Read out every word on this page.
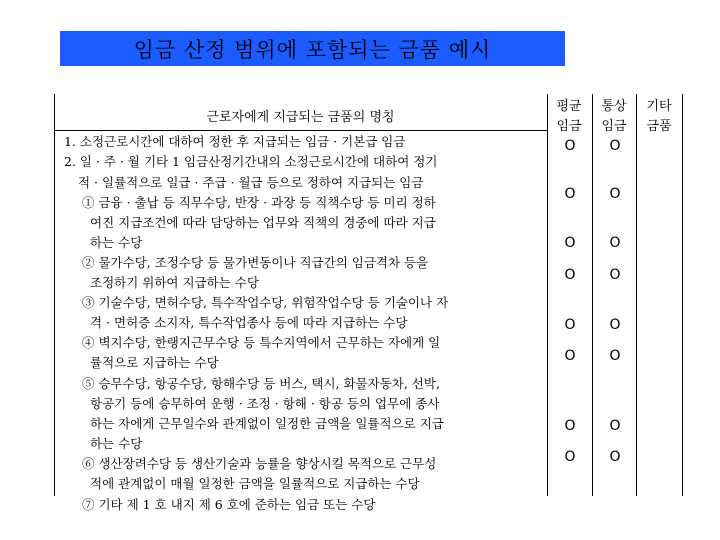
임금 산정 범위에 포함되는 금품 예시
근로자에게 지급되는 금품의 명칭
평균
임금
통상
임금
기타
금품
1. 소정근로시간에 대하여 정한 후 지급되는 임금 · 기본급 임금
2. 일 · 주 · 월 기타 1 임금산정기간내의 소정근로시간에 대하여 정기
적 · 일률적으로 일급 · 주급 · 월급 등으로 정하여 지급되는 임금
① 금융 · 출납 등 직무수당, 반장 · 과장 등 직책수당 등 미리 정하
여진 지급조건에 따라 담당하는 업무와 직책의 경중에 따라 지급
하는 수당
② 물가수당, 조정수당 등 물가변동이나 직급간의 임금격차 등을
조정하기 위하여 지급하는 수당
③ 기술수당, 면허수당, 특수작업수당, 위험작업수당 등 기술이나 자
격 · 면허증 소지자, 특수작업종사 등에 따라 지급하는 수당
④ 벽지수당, 한랭지근무수당 등 특수지역에서 근무하는 자에게 일
률적으로 지급하는 수당
⑤ 승무수당, 항공수당, 항해수당 등 버스, 택시, 화물자동차, 선박,
항공기 등에 승무하여 운행 · 조정 · 항해 · 항공 등의 업무에 종사
하는 자에게 근무일수와 관계없이 일정한 금액을 일률적으로 지급
하는 수당
⑥ 생산장려수당 등 생산기술과 능률을 향상시킬 목적으로 근무성
적에 관계없이 매월 일정한 금액을 일률적으로 지급하는 수당
⑦ 기타 제 1 호 내지 제 6 호에 준하는 임금 또는 수당
O
O
O
O
O
O
O
O
O
O
O
O
O
O
O
O
